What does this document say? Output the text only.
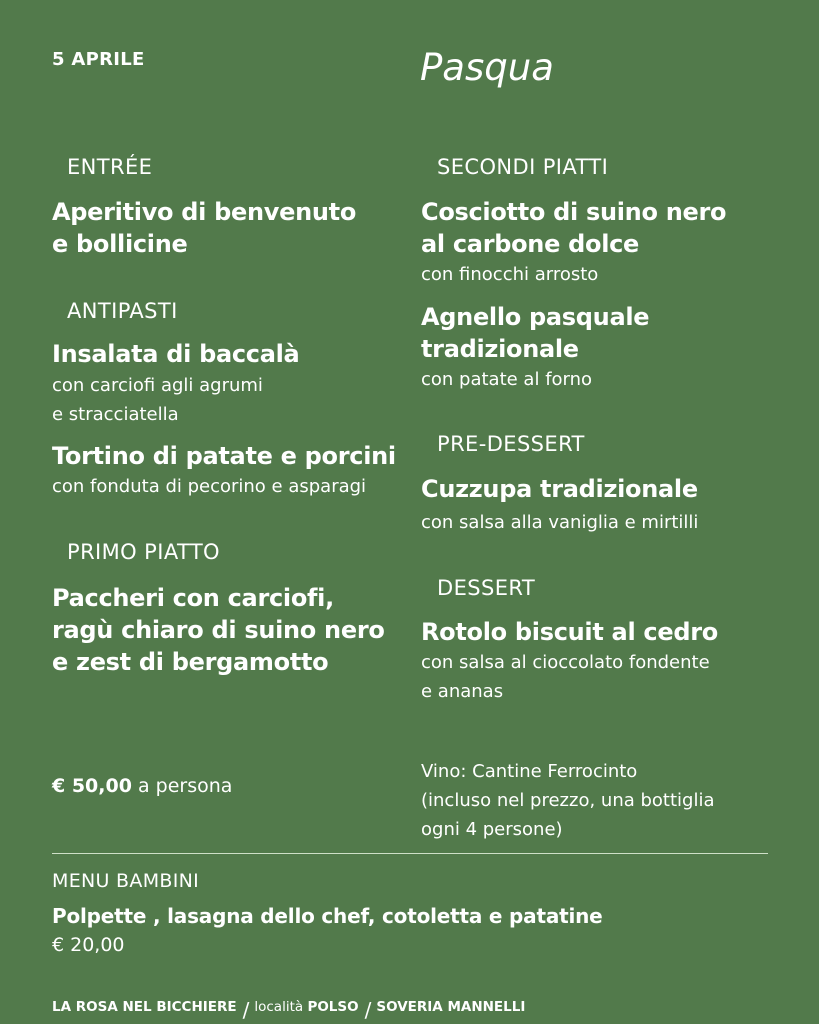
5 APRILE	Pasqua
ENTRÉE
Aperitivo di benvenuto
e bollicine
ANTIPASTI
Insalata di baccalà
con carciofi agli agrumi
e stracciatella
Tortino di patate e porcini
con fonduta di pecorino e asparagi
PRIMO PIATTO
Paccheri con carciofi,
ragù chiaro di suino nero
e zest di bergamotto
€ 50,00 a persona
SECONDI PIATTI
Cosciotto di suino nero
al carbone dolce
con finocchi arrosto
Agnello pasquale
tradizionale
con patate al forno
PRE-DESSERT
Cuzzupa tradizionale
con salsa alla vaniglia e mirtilli
DESSERT
Rotolo biscuit al cedro
con salsa al cioccolato fondente
e ananas
Vino: Cantine Ferrocinto
(incluso nel prezzo, una bottiglia
ogni 4 persone)
MENU BAMBINI
Polpette , lasagna dello chef, cotoletta e patatine
€ 20,00
LA ROSA NEL BICCHIERE / località POLSO / SOVERIA MANNELLI
